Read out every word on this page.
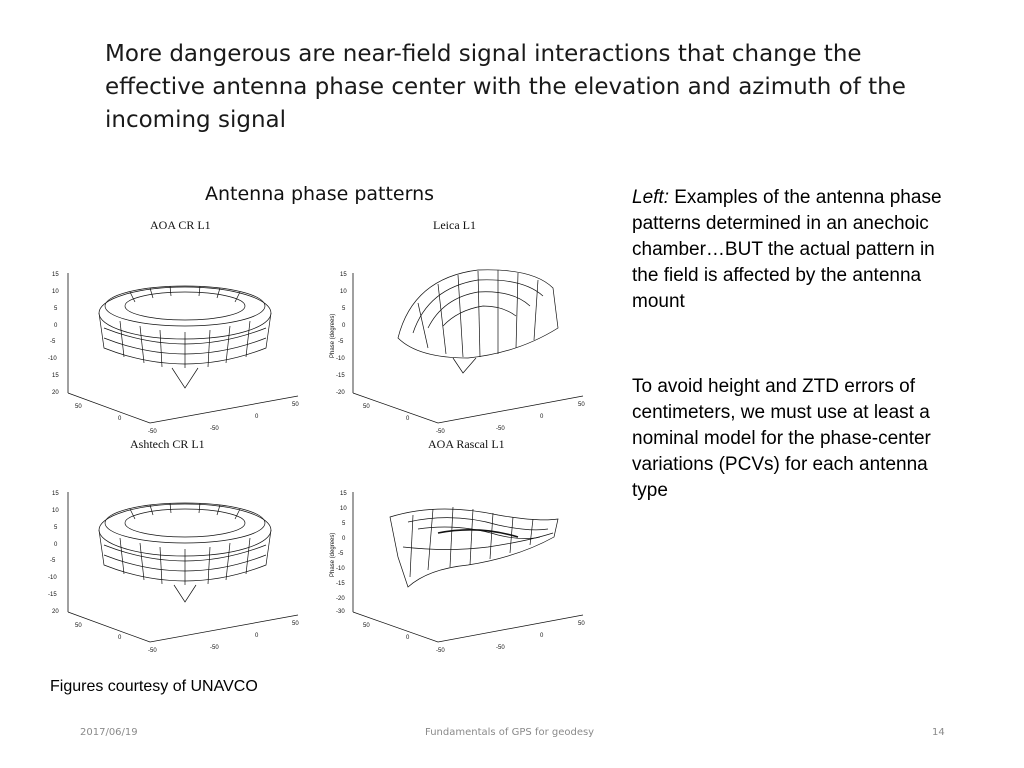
More dangerous are near-field signal interactions that change the effective antenna phase center with the elevation and azimuth of the incoming signal
Antenna phase patterns
AOA CR L1
15
10
5
0
-5
-10
15
20
50
0
-50
50
0
-50
Leica L1
Phase (degrees)
15
10
5
0
-5
-10
-15
-20
50
0
-50
50
0
-50
Ashtech CR L1
15
10
5
0
-5
-10
-15
20
50
0
-50
50
0
-50
AOA Rascal L1
Phase (degrees)
15
10
5
0
-5
-10
-15
-20
-30
50
0
-50
50
0
-50
Left: Examples of the antenna phase patterns determined in an anechoic chamber…BUT the actual pattern in the field is affected by the antenna mount
To avoid height and ZTD errors of centimeters, we must use at least a nominal model for the phase-center variations (PCVs) for each antenna type
Figures courtesy of UNAVCO
2017/06/19	Fundamentals of GPS for geodesy	14
